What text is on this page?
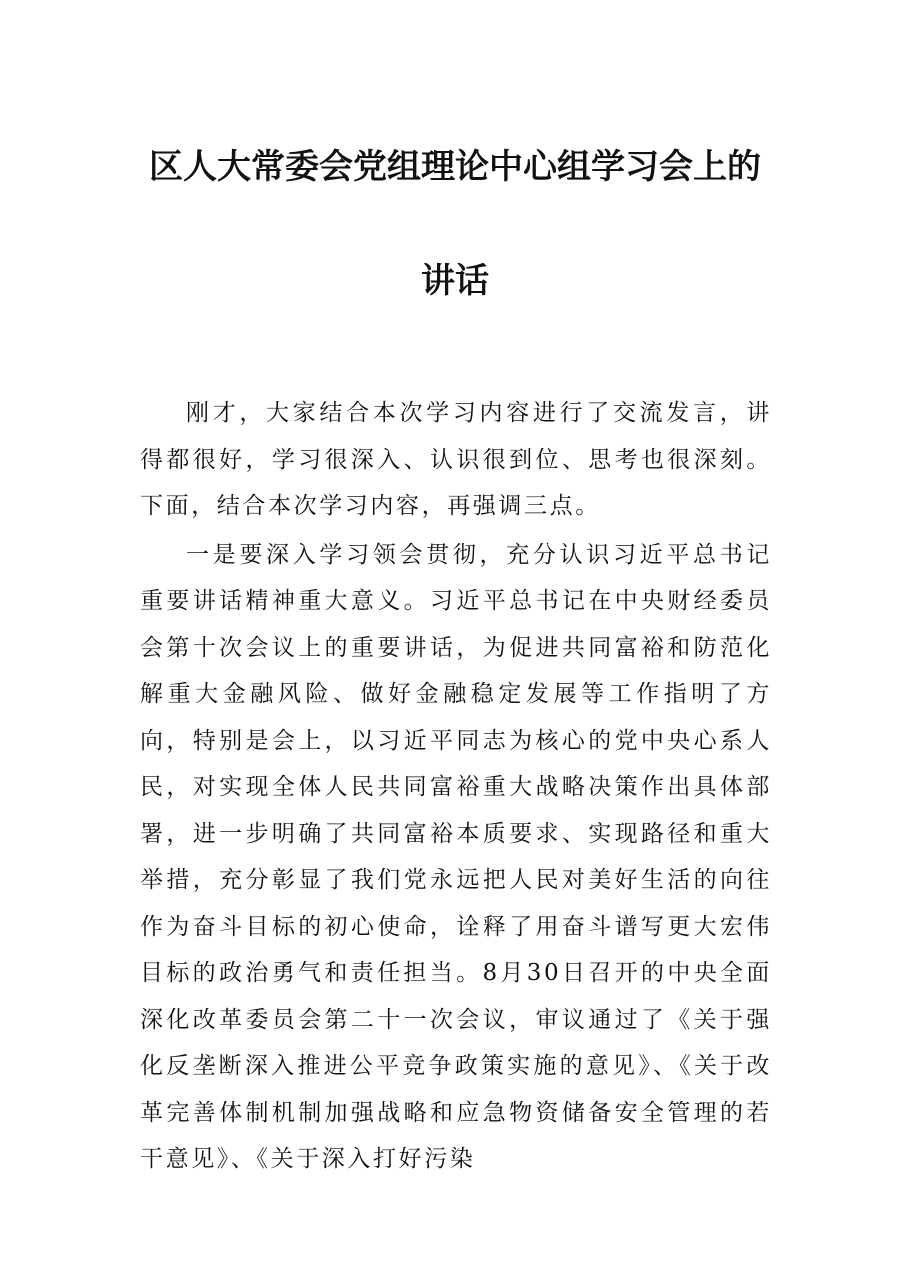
区人大常委会党组理论中心组学习会上的
讲话

刚才，大家结合本次学习内容进行了交流发言，讲得都很好，学习很深入、认识很到位、思考也很深刻。下面，结合本次学习内容，再强调三点。

一是要深入学习领会贯彻，充分认识习近平总书记重要讲话精神重大意义。习近平总书记在中央财经委员会第十次会议上的重要讲话，为促进共同富裕和防范化解重大金融风险、做好金融稳定发展等工作指明了方向，特别是会上，以习近平同志为核心的党中央心系人民，对实现全体人民共同富裕重大战略决策作出具体部署，进一步明确了共同富裕本质要求、实现路径和重大举措，充分彰显了我们党永远把人民对美好生活的向往作为奋斗目标的初心使命，诠释了用奋斗谱写更大宏伟目标的政治勇气和责任担当。8月30日召开的中央全面深化改革委员会第二十一次会议，审议通过了《关于强化反垄断深入推进公平竞争政策实施的意见》、《关于改革完善体制机制加强战略和应急物资储备安全管理的若干意见》、《关于深入打好污染
